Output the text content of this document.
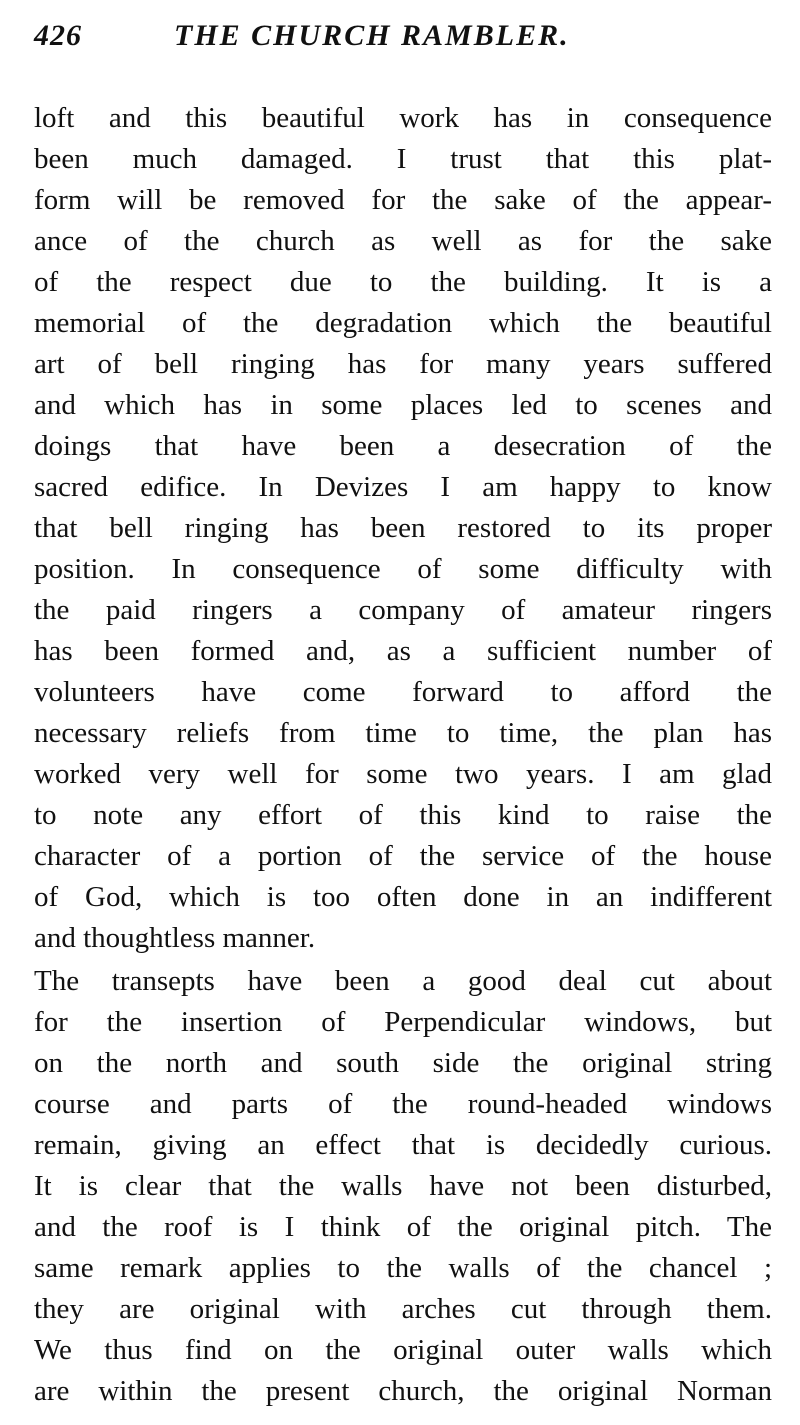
426	THE CHURCH RAMBLER.
loft and this beautiful work has in consequence
been much damaged. I trust that this plat-
form will be removed for the sake of the appear-
ance of the church as well as for the sake
of the respect due to the building. It is a
memorial of the degradation which the beautiful
art of bell ringing has for many years suffered
and which has in some places led to scenes and
doings that have been a desecration of the
sacred edifice. In Devizes I am happy to know
that bell ringing has been restored to its proper
position. In consequence of some difficulty with
the paid ringers a company of amateur ringers
has been formed and, as a sufficient number of
volunteers have come forward to afford the
necessary reliefs from time to time, the plan has
worked very well for some two years. I am glad
to note any effort of this kind to raise the
character of a portion of the service of the house
of God, which is too often done in an indifferent
and thoughtless manner.
The transepts have been a good deal cut about
for the insertion of Perpendicular windows, but
on the north and south side the original string
course and parts of the round-headed windows
remain, giving an effect that is decidedly curious.
It is clear that the walls have not been disturbed,
and the roof is I think of the original pitch. The
same remark applies to the walls of the chancel ;
they are original with arches cut through them.
We thus find on the original outer walls which
are within the present church, the original Norman
